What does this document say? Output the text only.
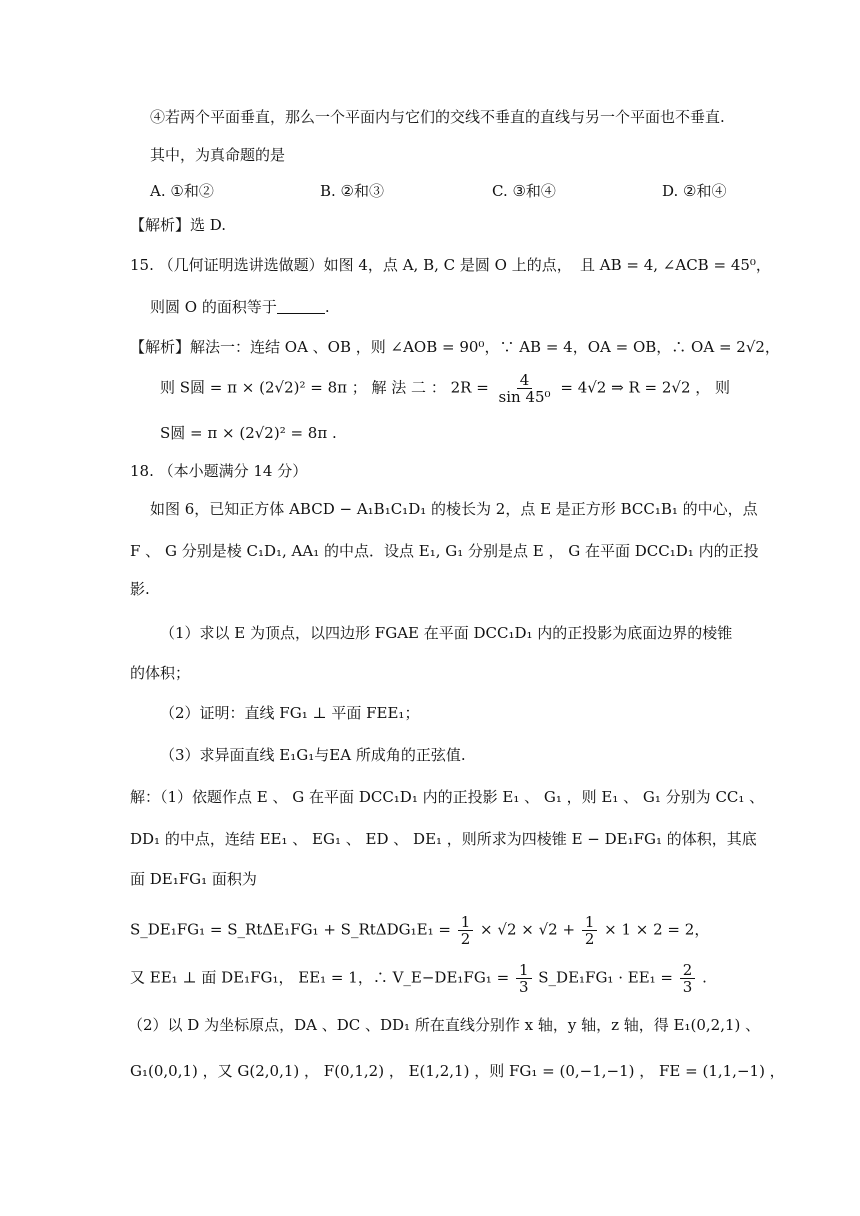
④若两个平面垂直，那么一个平面内与它们的交线不垂直的直线与另一个平面也不垂直.
其中，为真命题的是
A. ①和②	B. ②和③	C. ③和④	D. ②和④
【解析】选 D.
15. （几何证明选讲选做题）如图 4，点 A, B, C 是圆 O 上的点， 且 AB = 4, ∠ACB = 45⁰，
则圆 O 的面积等于	.
【解析】解法一：连结 OA 、OB ，则 ∠AOB = 90⁰，∵ AB = 4，OA = OB，∴ OA = 2√2，
则 S圆 = π × (2√2)² = 8π ； 解 法 二 ： $2R = \frac{4}{\text{sin 45⁰}} = 4√2$ ⇒ R = 2√2 ， 则
S圆 = π × (2√2)² = 8π .
18. （本小题满分 14 分）
如图 6，已知正方体 ABCD − A₁B₁C₁D₁ 的棱长为 2，点 E 是正方形 BCC₁B₁ 的中心，点
F 、 G 分别是棱 C₁D₁, AA₁ 的中点．设点 E₁, G₁ 分别是点 E ， G 在平面 DCC₁D₁ 内的正投
影.
（1）求以 E 为顶点，以四边形 FGAE 在平面 DCC₁D₁ 内的正投影为底面边界的棱锥
的体积；
（2）证明：直线 FG₁ ⊥ 平面 FEE₁；
（3）求异面直线 E₁G₁与EA 所成角的正弦值.
解：（1）依题作点 E 、 G 在平面 DCC₁D₁ 内的正投影 E₁ 、 G₁ ，则 E₁ 、 G₁ 分别为 CC₁ 、
DD₁ 的中点，连结 EE₁ 、 EG₁ 、 ED 、 DE₁ ，则所求为四棱锥 E − DE₁FG₁ 的体积，其底
面 DE₁FG₁ 面积为
S_DE₁FG₁ = S_RtΔE₁FG₁ + S_RtΔDG₁E₁ = $\frac{1}{2} \times √2 \times √2 + \frac{1}{2} \times 1 \times 2 = 2$，
又 EE₁ ⊥ 面 DE₁FG₁， EE₁ = 1，∴ V_E−DE₁FG₁ = $\frac{1}{3}$ S_DE₁FG₁ · $EE_1 = \frac{2}{3}$ .
（2）以 D 为坐标原点，DA 、DC 、DD₁ 所在直线分别作 x 轴，y 轴，z 轴，得 E₁(0,2,1) 、
G₁(0,0,1) ，又 G(2,0,1) ， F(0,1,2) ， E(1,2,1) ，则 FG₁ = (0,−1,−1) ， FE = (1,1,−1) ，
